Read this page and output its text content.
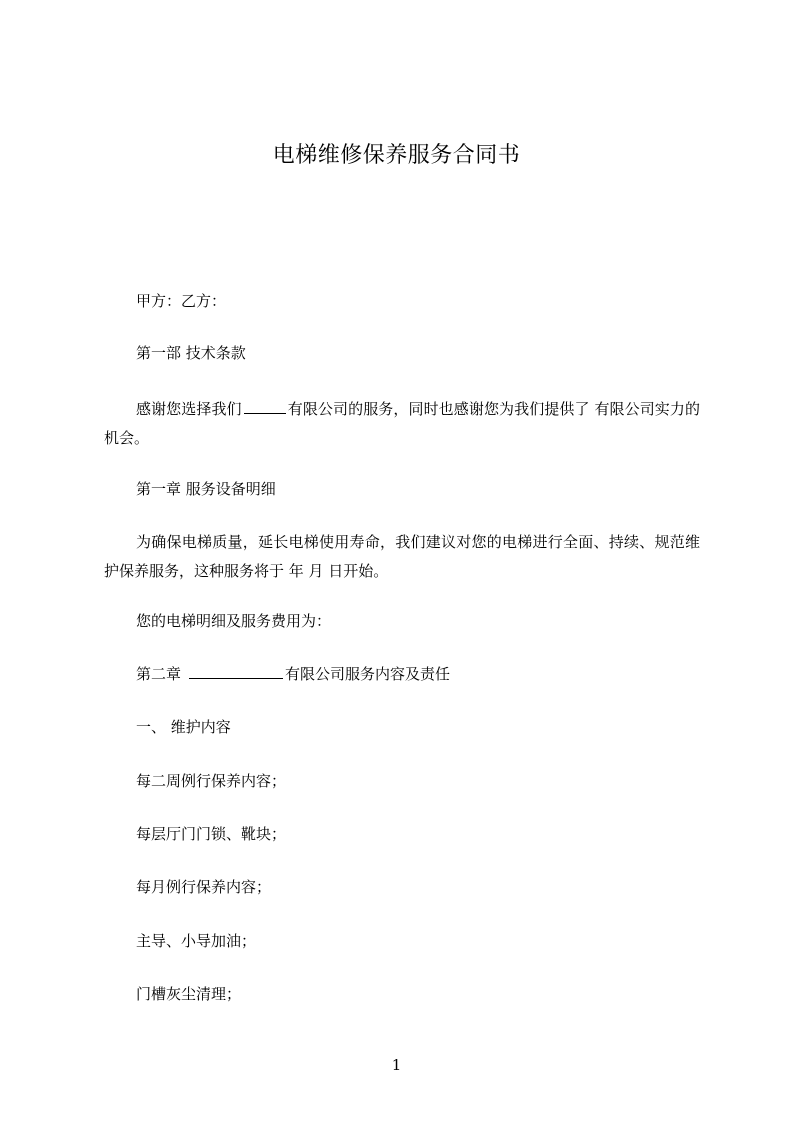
电梯维修保养服务合同书
甲方：乙方：
第一部 技术条款
感谢您选择我们	有限公司的服务，同时也感谢您为我们提供了 有限公司实力的机会。
第一章 服务设备明细
为确保电梯质量，延长电梯使用寿命，我们建议对您的电梯进行全面、持续、规范维护保养服务，这种服务将于 年 月 日开始。
您的电梯明细及服务费用为：
第二章	有限公司服务内容及责任
一、 维护内容
每二周例行保养内容；
每层厅门门锁、靴块；
每月例行保养内容；
主导、小导加油；
门槽灰尘清理；
1
